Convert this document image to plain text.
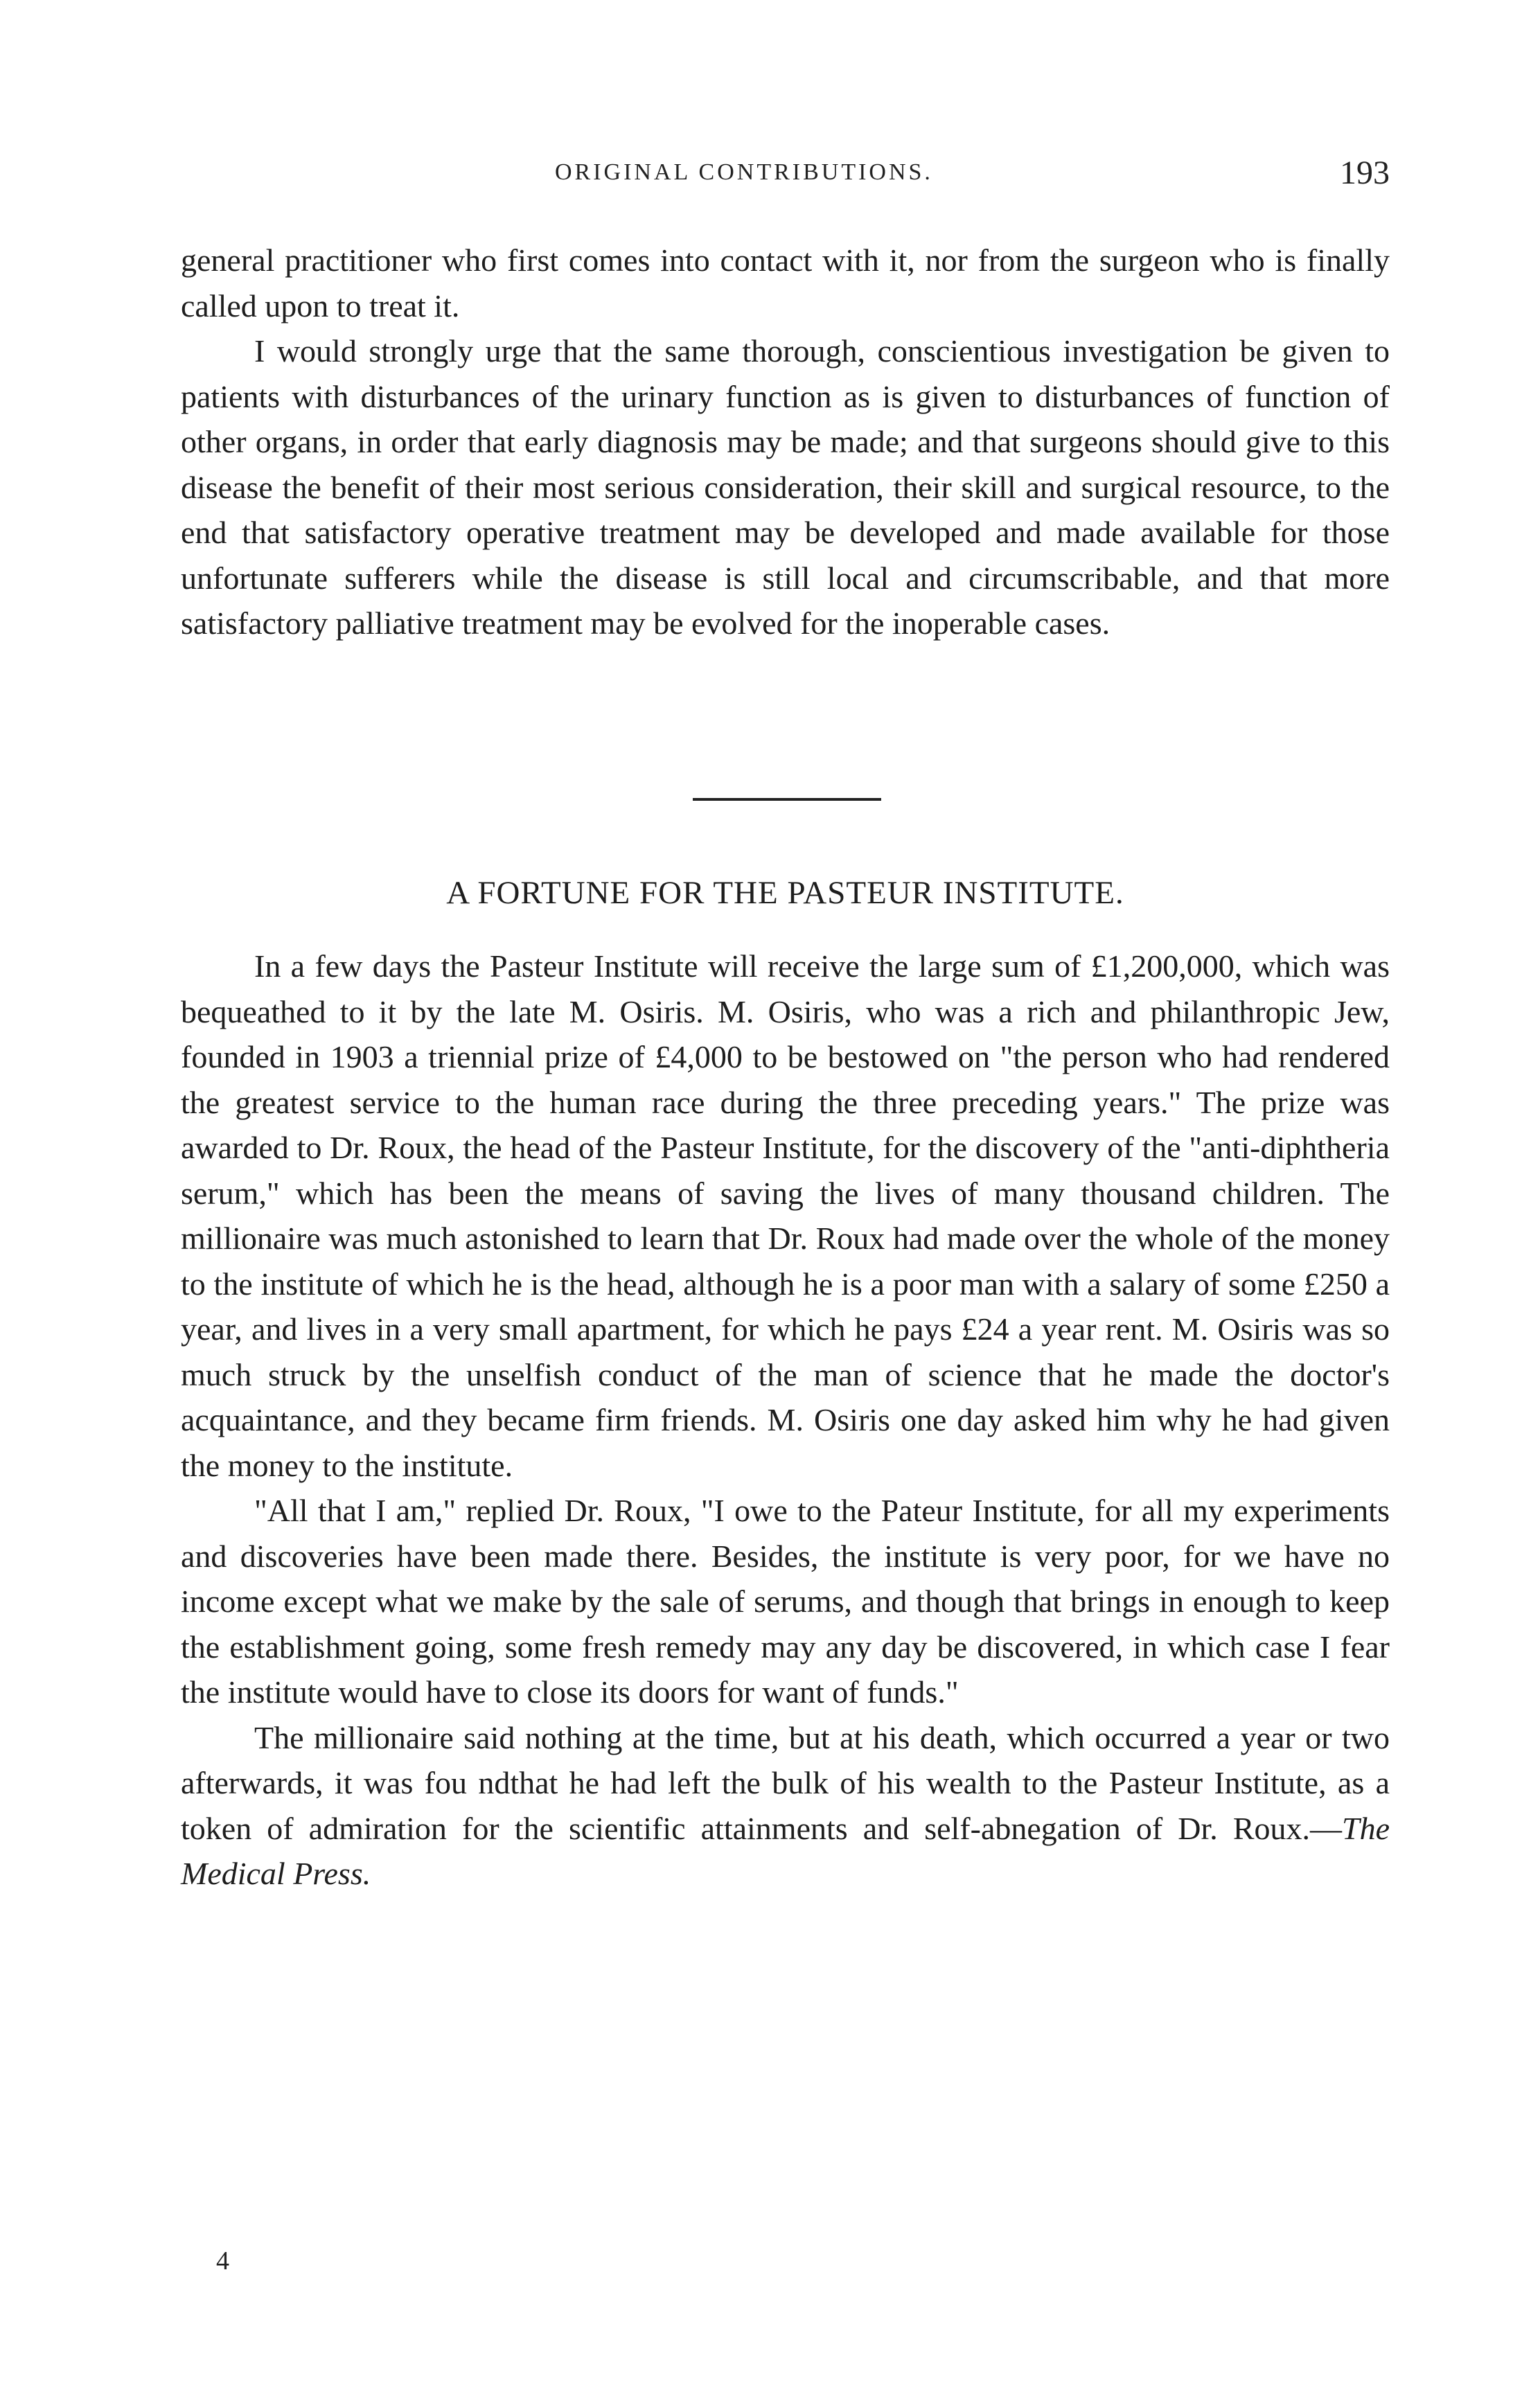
ORIGINAL CONTRIBUTIONS.	193

general practitioner who first comes into contact with it, nor from the surgeon who is finally called upon to treat it.

I would strongly urge that the same thorough, conscientious investigation be given to patients with disturbances of the urinary function as is given to disturbances of function of other organs, in order that early diagnosis may be made; and that surgeons should give to this disease the benefit of their most serious consideration, their skill and surgical resource, to the end that satisfactory operative treatment may be developed and made available for those unfortunate sufferers while the disease is still local and circumscribable, and that more satisfactory palliative treatment may be evolved for the inoperable cases.

A FORTUNE FOR THE PASTEUR INSTITUTE.

In a few days the Pasteur Institute will receive the large sum of £1,200,000, which was bequeathed to it by the late M. Osiris. M. Osiris, who was a rich and philanthropic Jew, founded in 1903 a triennial prize of £4,000 to be bestowed on "the person who had rendered the greatest service to the human race during the three preceding years." The prize was awarded to Dr. Roux, the head of the Pasteur Institute, for the discovery of the "anti-diphtheria serum," which has been the means of saving the lives of many thousand children. The millionaire was much astonished to learn that Dr. Roux had made over the whole of the money to the institute of which he is the head, although he is a poor man with a salary of some £250 a year, and lives in a very small apartment, for which he pays £24 a year rent. M. Osiris was so much struck by the unselfish conduct of the man of science that he made the doctor's acquaintance, and they became firm friends. M. Osiris one day asked him why he had given the money to the institute.

"All that I am," replied Dr. Roux, "I owe to the Pateur Institute, for all my experiments and discoveries have been made there. Besides, the institute is very poor, for we have no income except what we make by the sale of serums, and though that brings in enough to keep the establishment going, some fresh remedy may any day be discovered, in which case I fear the institute would have to close its doors for want of funds."

The millionaire said nothing at the time, but at his death, which occurred a year or two afterwards, it was fou ndthat he had left the bulk of his wealth to the Pasteur Institute, as a token of admiration for the scientific attainments and self-abnegation of Dr. Roux.—The Medical Press.

4
